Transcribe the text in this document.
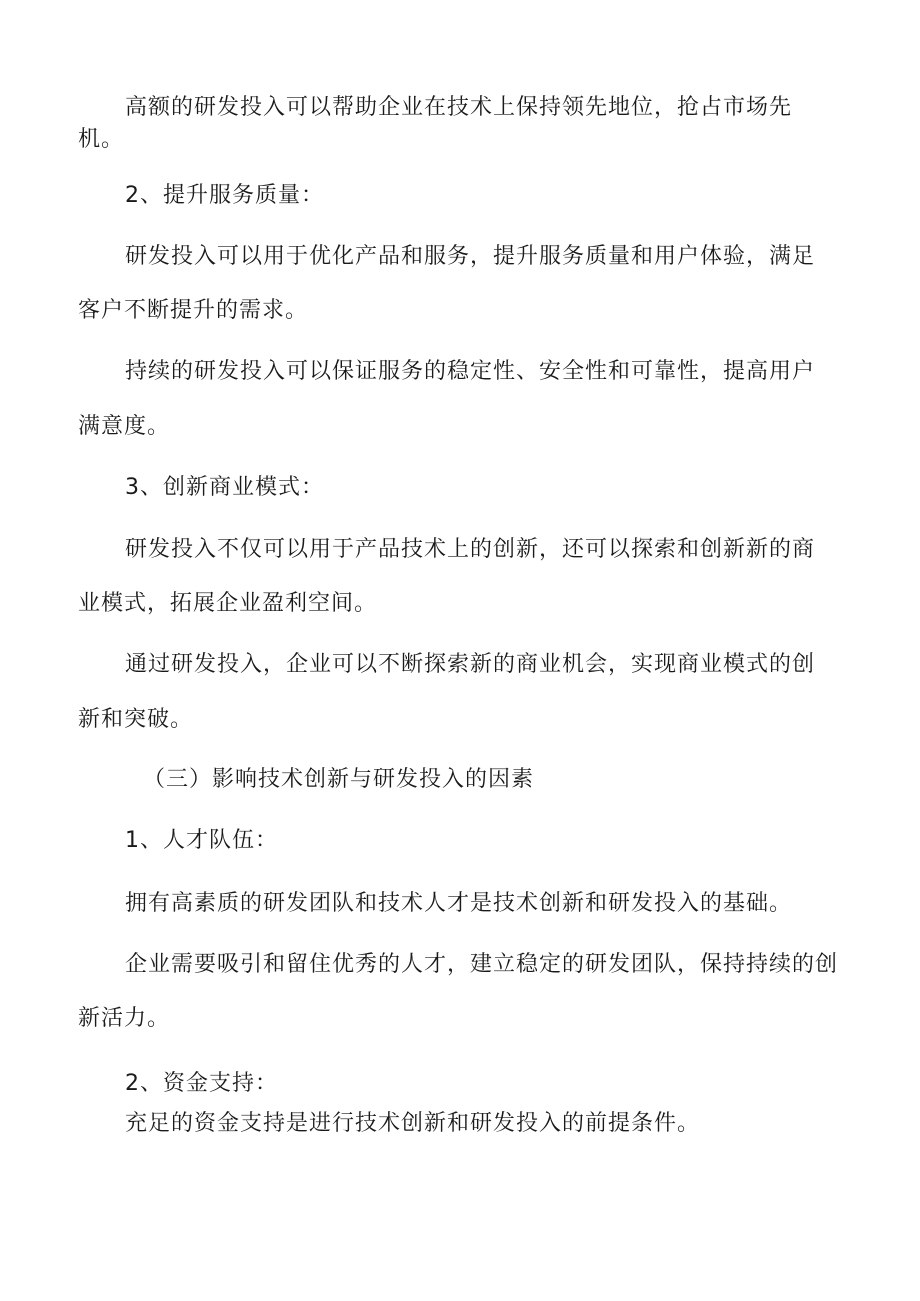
高额的研发投入可以帮助企业在技术上保持领先地位，抢占市场先
机。
2、提升服务质量：
研发投入可以用于优化产品和服务，提升服务质量和用户体验，满足
客户不断提升的需求。
持续的研发投入可以保证服务的稳定性、安全性和可靠性，提高用户
满意度。
3、创新商业模式：
研发投入不仅可以用于产品技术上的创新，还可以探索和创新新的商
业模式，拓展企业盈利空间。
通过研发投入，企业可以不断探索新的商业机会，实现商业模式的创
新和突破。
（三）影响技术创新与研发投入的因素
1、人才队伍：
拥有高素质的研发团队和技术人才是技术创新和研发投入的基础。
企业需要吸引和留住优秀的人才，建立稳定的研发团队，保持持续的创
新活力。
2、资金支持：
充足的资金支持是进行技术创新和研发投入的前提条件。
